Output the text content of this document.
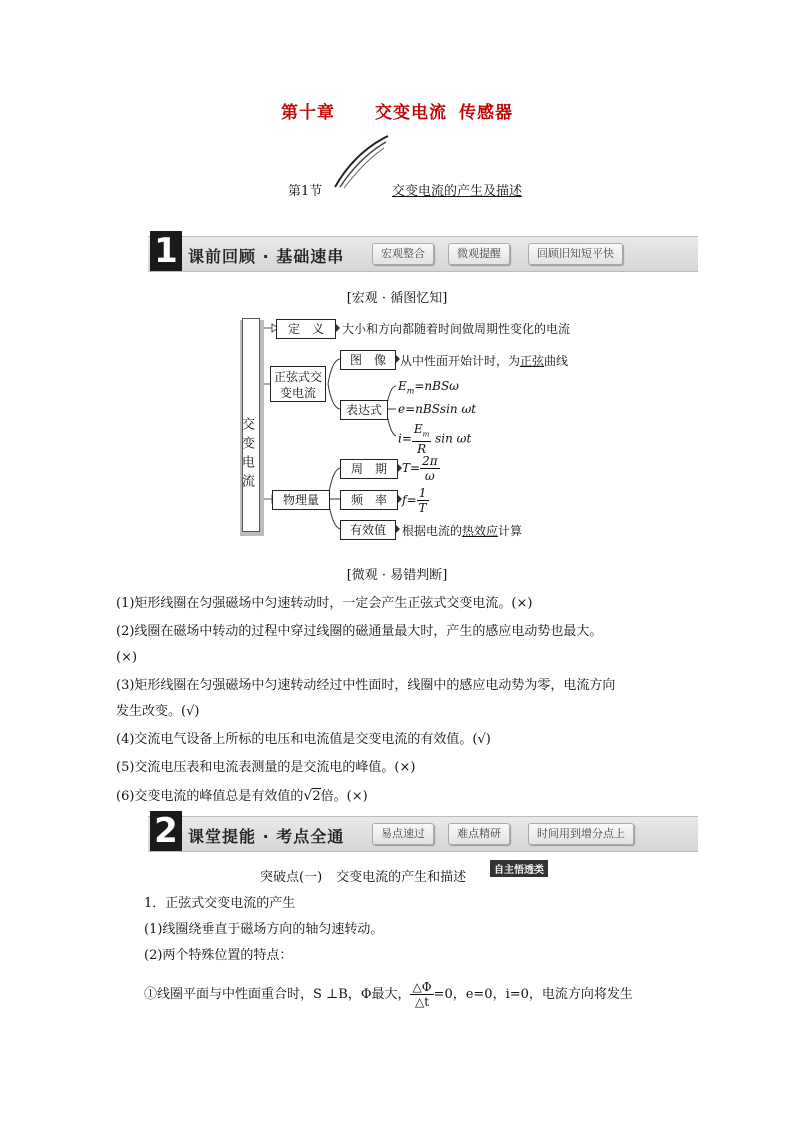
第十章 交变电流 传感器
第1节	交变电流的产生及描述
1 课前回顾 · 基础速串	宏观整合	微观提醒	回顾旧知短平快
[宏观 · 循图忆知]
交变电流
定　义	大小和方向都随着时间做周期性变化的电流
正弦式交变电流
图　像	从中性面开始计时，为正弦曲线
表达式
$E_m=nBS\omega$
e=nBSsin ωt
$i= \frac{E_m}{R}$ sin ωt
物理量
周　期	$T= \frac{2\pi}{\omega}$
频　率	$f= \frac{1}{T}$
有效值	根据电流的热效应计算
[微观 · 易错判断]
(1)矩形线圈在匀强磁场中匀速转动时，一定会产生正弦式交变电流。(×)
(2)线圈在磁场中转动的过程中穿过线圈的磁通量最大时，产生的感应电动势也最大。
(×)
(3)矩形线圈在匀强磁场中匀速转动经过中性面时，线圈中的感应电动势为零，电流方向
发生改变。(√)
(4)交流电气设备上所标的电压和电流值是交变电流的有效值。(√)
(5)交流电压表和电流表测量的是交流电的峰值。(×)
(6)交变电流的峰值总是有效值的√2倍。(×)
2 课堂提能 · 考点全通	易点速过	难点精研	时间用到增分点上
突破点(一) 交变电流的产生和描述	自主悟透类
1．正弦式交变电流的产生
(1)线圈绕垂直于磁场方向的轴匀速转动。
(2)两个特殊位置的特点：
①线圈平面与中性面重合时，S ⊥B，Φ最大， $\frac{\triangle\Phi}{\triangle t} =0$，e=0，i=0，电流方向将发生
